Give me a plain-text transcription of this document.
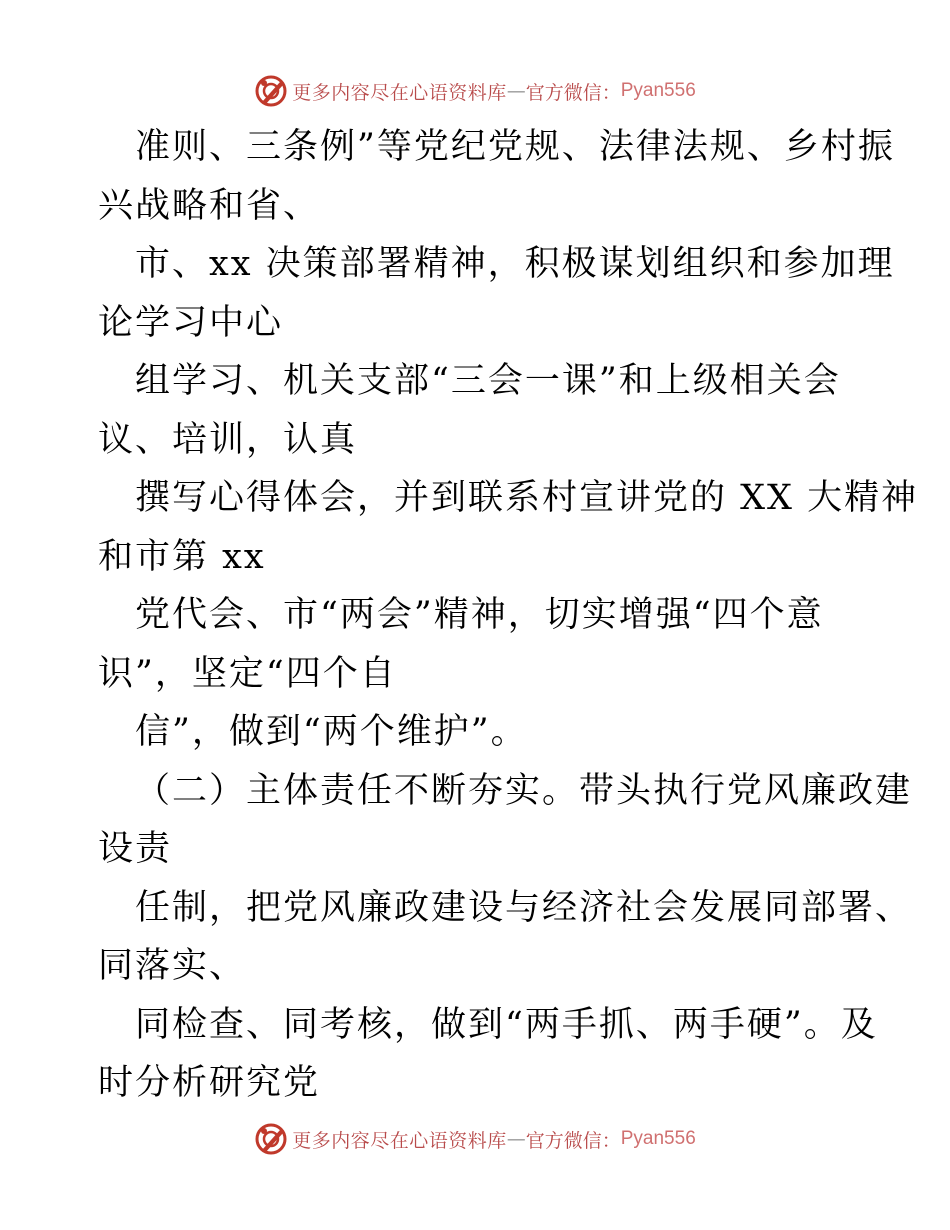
更多内容尽在心语资料库 — 官方微信： Pyan556
准则、三条例”等党纪党规、法律法规、乡村振
兴战略和省、
市、xx 决策部署精神，积极谋划组织和参加理
论学习中心
组学习、机关支部“三会一课”和上级相关会
议、培训，认真
撰写心得体会，并到联系村宣讲党的 XX 大精神
和市第 xx
党代会、市“两会”精神，切实增强“四个意
识”，坚定“四个自
信”，做到“两个维护”。
（二）主体责任不断夯实。带头执行党风廉政建
设责
任制，把党风廉政建设与经济社会发展同部署、
同落实、
同检查、同考核，做到“两手抓、两手硬”。及
时分析研究党
更多内容尽在心语资料库 — 官方微信： Pyan556
